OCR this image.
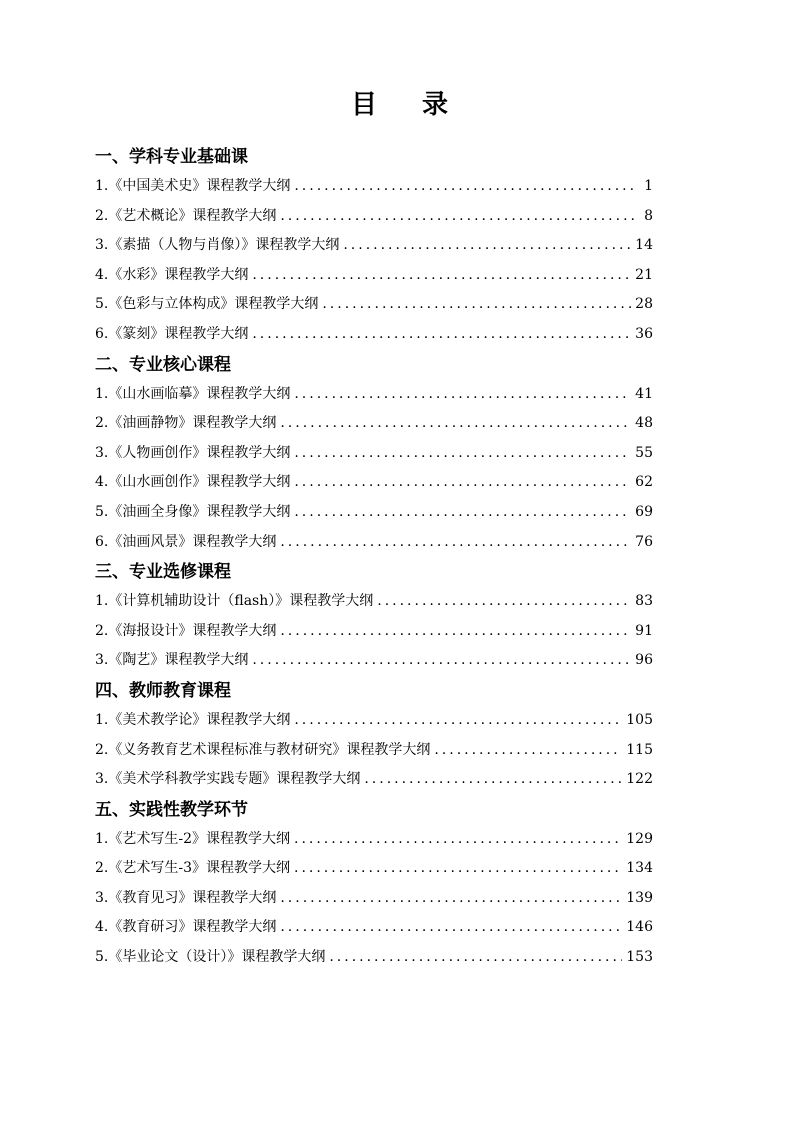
目 录
一、学科专业基础课
1.《中国美术史》课程教学大纲 .....	1
2.《艺术概论》课程教学大纲 .....	8
3.《素描（人物与肖像）》课程教学大纲 .....	14
4.《水彩》课程教学大纲 .....	21
5.《色彩与立体构成》课程教学大纲 .....	28
6.《篆刻》课程教学大纲 .....	36
二、专业核心课程
1.《山水画临摹》课程教学大纲 .....	41
2.《油画静物》课程教学大纲 .....	48
3.《人物画创作》课程教学大纲 .....	55
4.《山水画创作》课程教学大纲 .....	62
5.《油画全身像》课程教学大纲 .....	69
6.《油画风景》课程教学大纲 .....	76
三、专业选修课程
1.《计算机辅助设计（flash）》课程教学大纲 .....	83
2.《海报设计》课程教学大纲 .....	91
3.《陶艺》课程教学大纲 .....	96
四、教师教育课程
1.《美术教学论》课程教学大纲 .....	105
2.《义务教育艺术课程标准与教材研究》课程教学大纲 .....	115
3.《美术学科教学实践专题》课程教学大纲 .....	122
五、实践性教学环节
1.《艺术写生-2》课程教学大纲 .....	129
2.《艺术写生-3》课程教学大纲 .....	134
3.《教育见习》课程教学大纲 .....	139
4.《教育研习》课程教学大纲 .....	146
5.《毕业论文（设计）》课程教学大纲 .....	153
